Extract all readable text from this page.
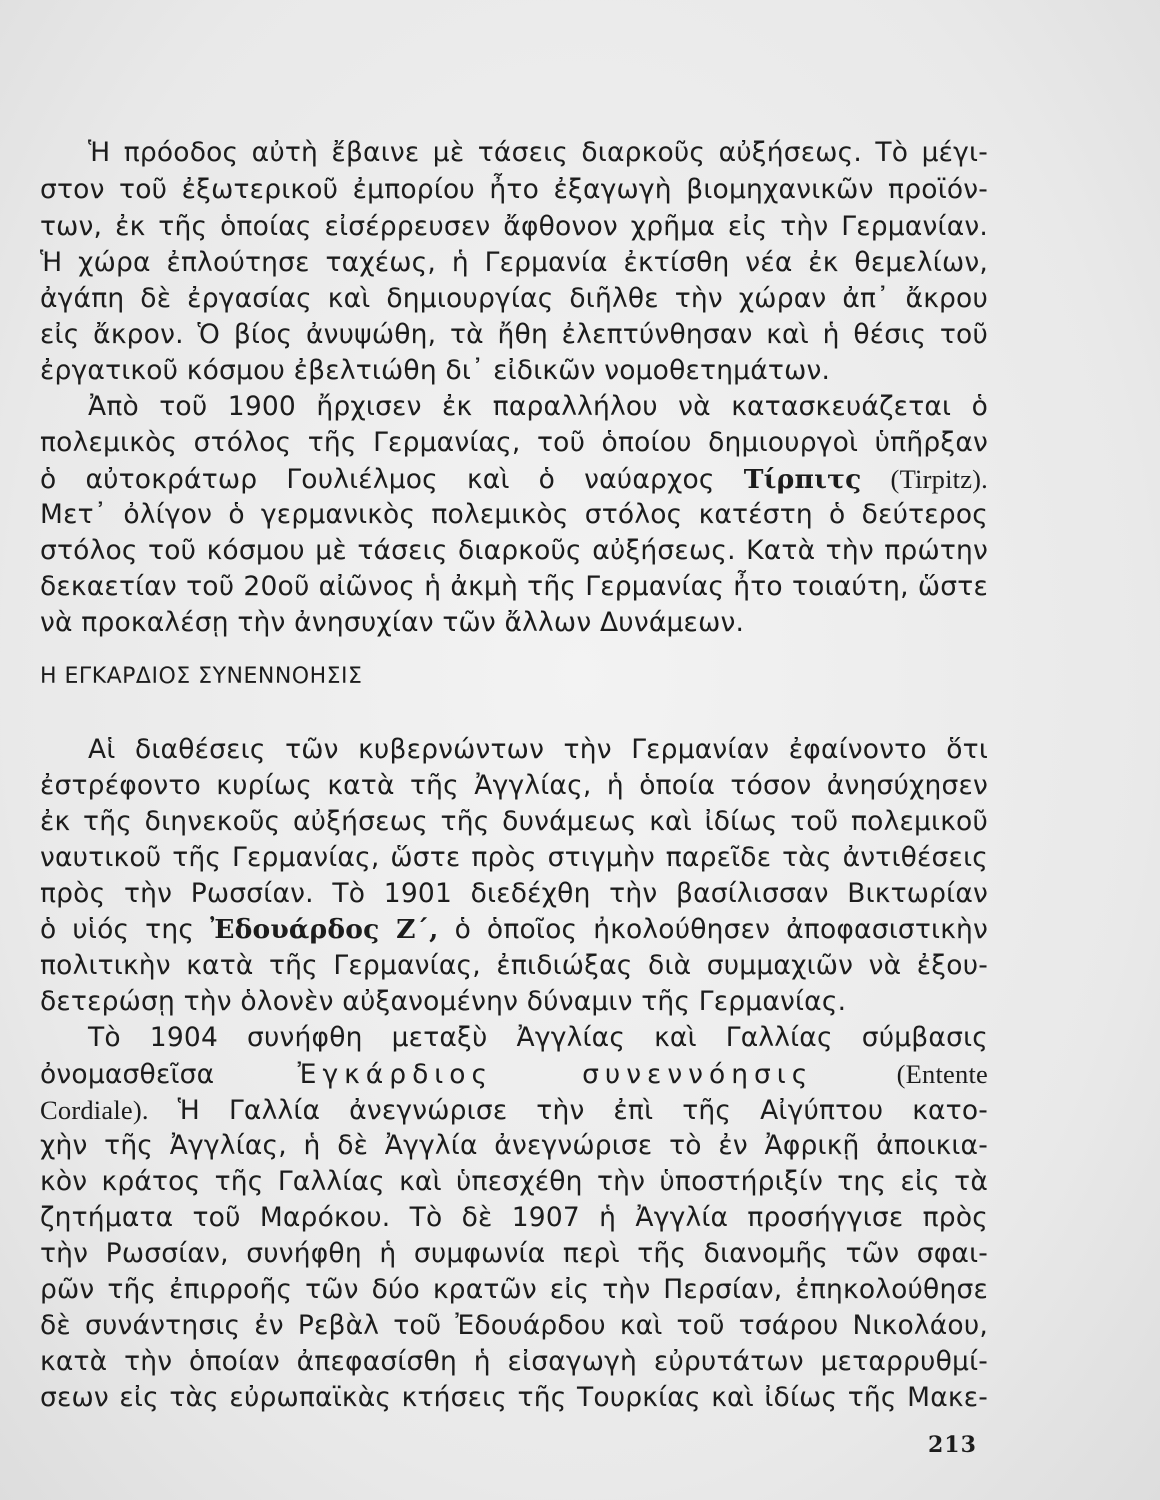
Ἡ πρόοδος αὐτὴ ἔβαινε μὲ τάσεις διαρκοῦς αὐξήσεως. Τὸ μέγι-
στον τοῦ ἐξωτερικοῦ ἐμπορίου ἦτο ἐξαγωγὴ βιομηχανικῶν προϊόν-
των, ἐκ τῆς ὁποίας εἰσέρρευσεν ἄφθονον χρῆμα εἰς τὴν Γερμανίαν.
Ἡ χώρα ἐπλούτησε ταχέως, ἡ Γερμανία ἐκτίσθη νέα ἐκ θεμελίων,
ἀγάπη δὲ ἐργασίας καὶ δημιουργίας διῆλθε τὴν χώραν ἀπ᾽ ἄκρου
εἰς ἄκρον. Ὁ βίος ἀνυψώθη, τὰ ἤθη ἐλεπτύνθησαν καὶ ἡ θέσις τοῦ
ἐργατικοῦ κόσμου ἐβελτιώθη δι᾽ εἰδικῶν νομοθετημάτων.
Ἀπὸ τοῦ 1900 ἤρχισεν ἐκ παραλλήλου νὰ κατασκευάζεται ὁ
πολεμικὸς στόλος τῆς Γερμανίας, τοῦ ὁποίου δημιουργοὶ ὑπῆρξαν
ὁ αὐτοκράτωρ Γουλιέλμος καὶ ὁ ναύαρχος Τίρπιτς (Tirpitz).
Μετ᾽ ὀλίγον ὁ γερμανικὸς πολεμικὸς στόλος κατέστη ὁ δεύτερος
στόλος τοῦ κόσμου μὲ τάσεις διαρκοῦς αὐξήσεως. Κατὰ τὴν πρώτην
δεκαετίαν τοῦ 20οῦ αἰῶνος ἡ ἀκμὴ τῆς Γερμανίας ἦτο τοιαύτη, ὥστε
νὰ προκαλέσῃ τὴν ἀνησυχίαν τῶν ἄλλων Δυνάμεων.
Η ΕΓΚΑΡΔΙΟΣ ΣΥΝΕΝΝΟΗΣΙΣ
Αἱ διαθέσεις τῶν κυβερνώντων τὴν Γερμανίαν ἐφαίνοντο ὅτι
ἐστρέφοντο κυρίως κατὰ τῆς Ἀγγλίας, ἡ ὁποία τόσον ἀνησύχησεν
ἐκ τῆς διηνεκοῦς αὐξήσεως τῆς δυνάμεως καὶ ἰδίως τοῦ πολεμικοῦ
ναυτικοῦ τῆς Γερμανίας, ὥστε πρὸς στιγμὴν παρεῖδε τὰς ἀντιθέσεις
πρὸς τὴν Ρωσσίαν. Τὸ 1901 διεδέχθη τὴν βασίλισσαν Βικτωρίαν
ὁ υἱός της Ἐδουάρδος Ζ΄, ὁ ὁποῖος ἠκολούθησεν ἀποφασιστικὴν
πολιτικὴν κατὰ τῆς Γερμανίας, ἐπιδιώξας διὰ συμμαχιῶν νὰ ἐξου-
δετερώσῃ τὴν ὁλονὲν αὐξανομένην δύναμιν τῆς Γερμανίας.
Τὸ 1904 συνήφθη μεταξὺ Ἀγγλίας καὶ Γαλλίας σύμβασις
ὀνομασθεῖσα	Ἐγκάρδιος συνεννόησις	(Entente
Cordiale). Ἡ Γαλλία ἀνεγνώρισε τὴν ἐπὶ τῆς Αἰγύπτου κατο-
χὴν τῆς Ἀγγλίας, ἡ δὲ Ἀγγλία ἀνεγνώρισε τὸ ἐν Ἀφρικῇ ἀποικια-
κὸν κράτος τῆς Γαλλίας καὶ ὑπεσχέθη τὴν ὑποστήριξίν της εἰς τὰ
ζητήματα τοῦ Μαρόκου. Τὸ δὲ 1907 ἡ Ἀγγλία προσήγγισε πρὸς
τὴν Ρωσσίαν, συνήφθη ἡ συμφωνία περὶ τῆς διανομῆς τῶν σφαι-
ρῶν τῆς ἐπιρροῆς τῶν δύο κρατῶν εἰς τὴν Περσίαν, ἐπηκολούθησε
δὲ συνάντησις ἐν Ρεβὰλ τοῦ Ἐδουάρδου καὶ τοῦ τσάρου Νικολάου,
κατὰ τὴν ὁποίαν ἀπεφασίσθη ἡ εἰσαγωγὴ εὐρυτάτων μεταρρυθμί-
σεων εἰς τὰς εὐρωπαϊκὰς κτήσεις τῆς Τουρκίας καὶ ἰδίως τῆς Μακε-
213
